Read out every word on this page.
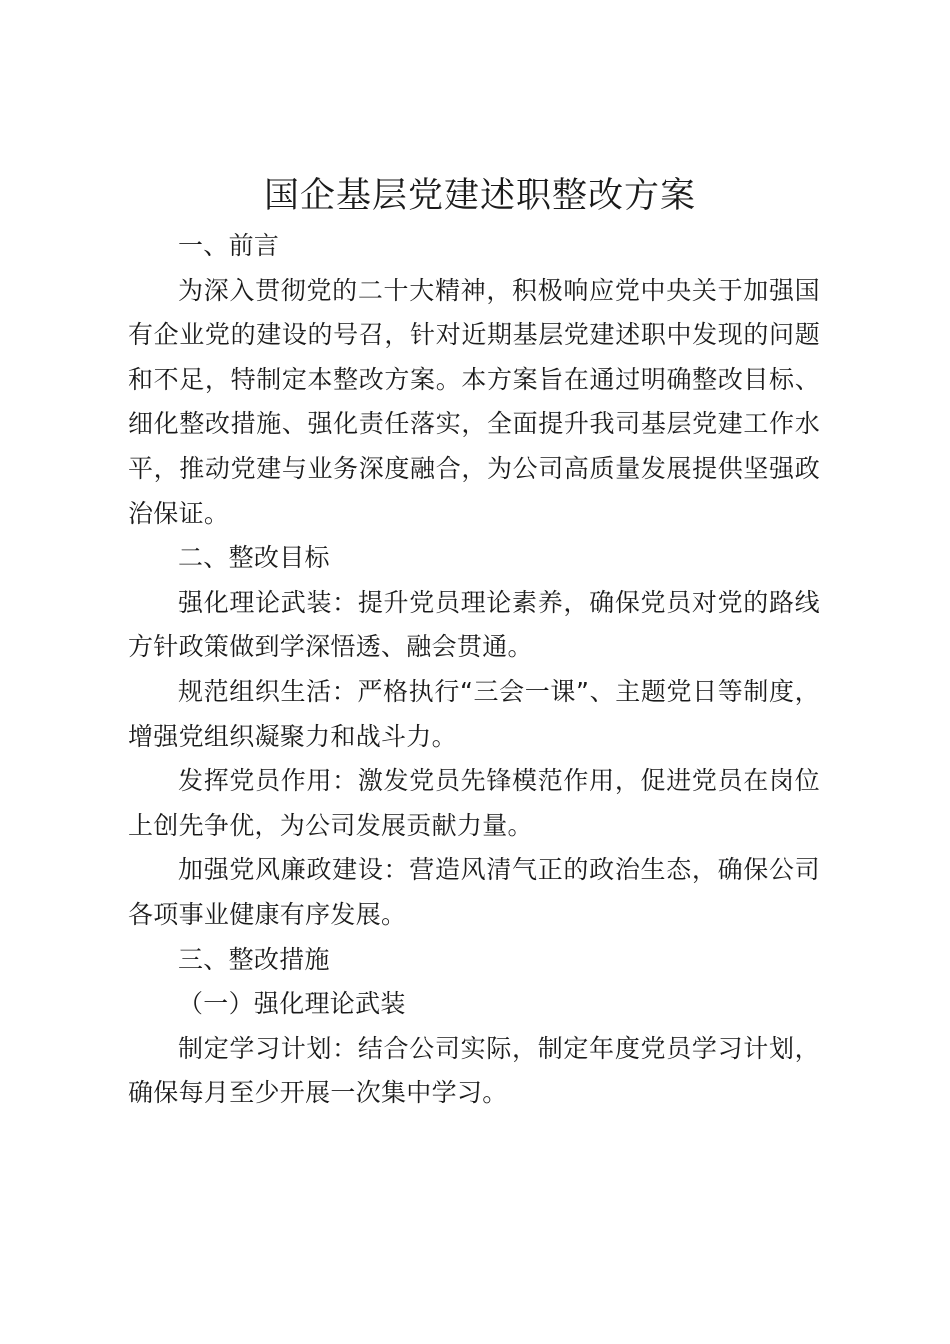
国企基层党建述职整改方案

一、前言

为深入贯彻党的二十大精神，积极响应党中央关于加强国有企业党的建设的号召，针对近期基层党建述职中发现的问题和不足，特制定本整改方案。本方案旨在通过明确整改目标、细化整改措施、强化责任落实，全面提升我司基层党建工作水平，推动党建与业务深度融合，为公司高质量发展提供坚强政治保证。

二、整改目标

强化理论武装：提升党员理论素养，确保党员对党的路线方针政策做到学深悟透、融会贯通。

规范组织生活：严格执行“三会一课”、主题党日等制度，增强党组织凝聚力和战斗力。

发挥党员作用：激发党员先锋模范作用，促进党员在岗位上创先争优，为公司发展贡献力量。

加强党风廉政建设：营造风清气正的政治生态，确保公司各项事业健康有序发展。

三、整改措施

（一）强化理论武装

制定学习计划：结合公司实际，制定年度党员学习计划，确保每月至少开展一次集中学习。
